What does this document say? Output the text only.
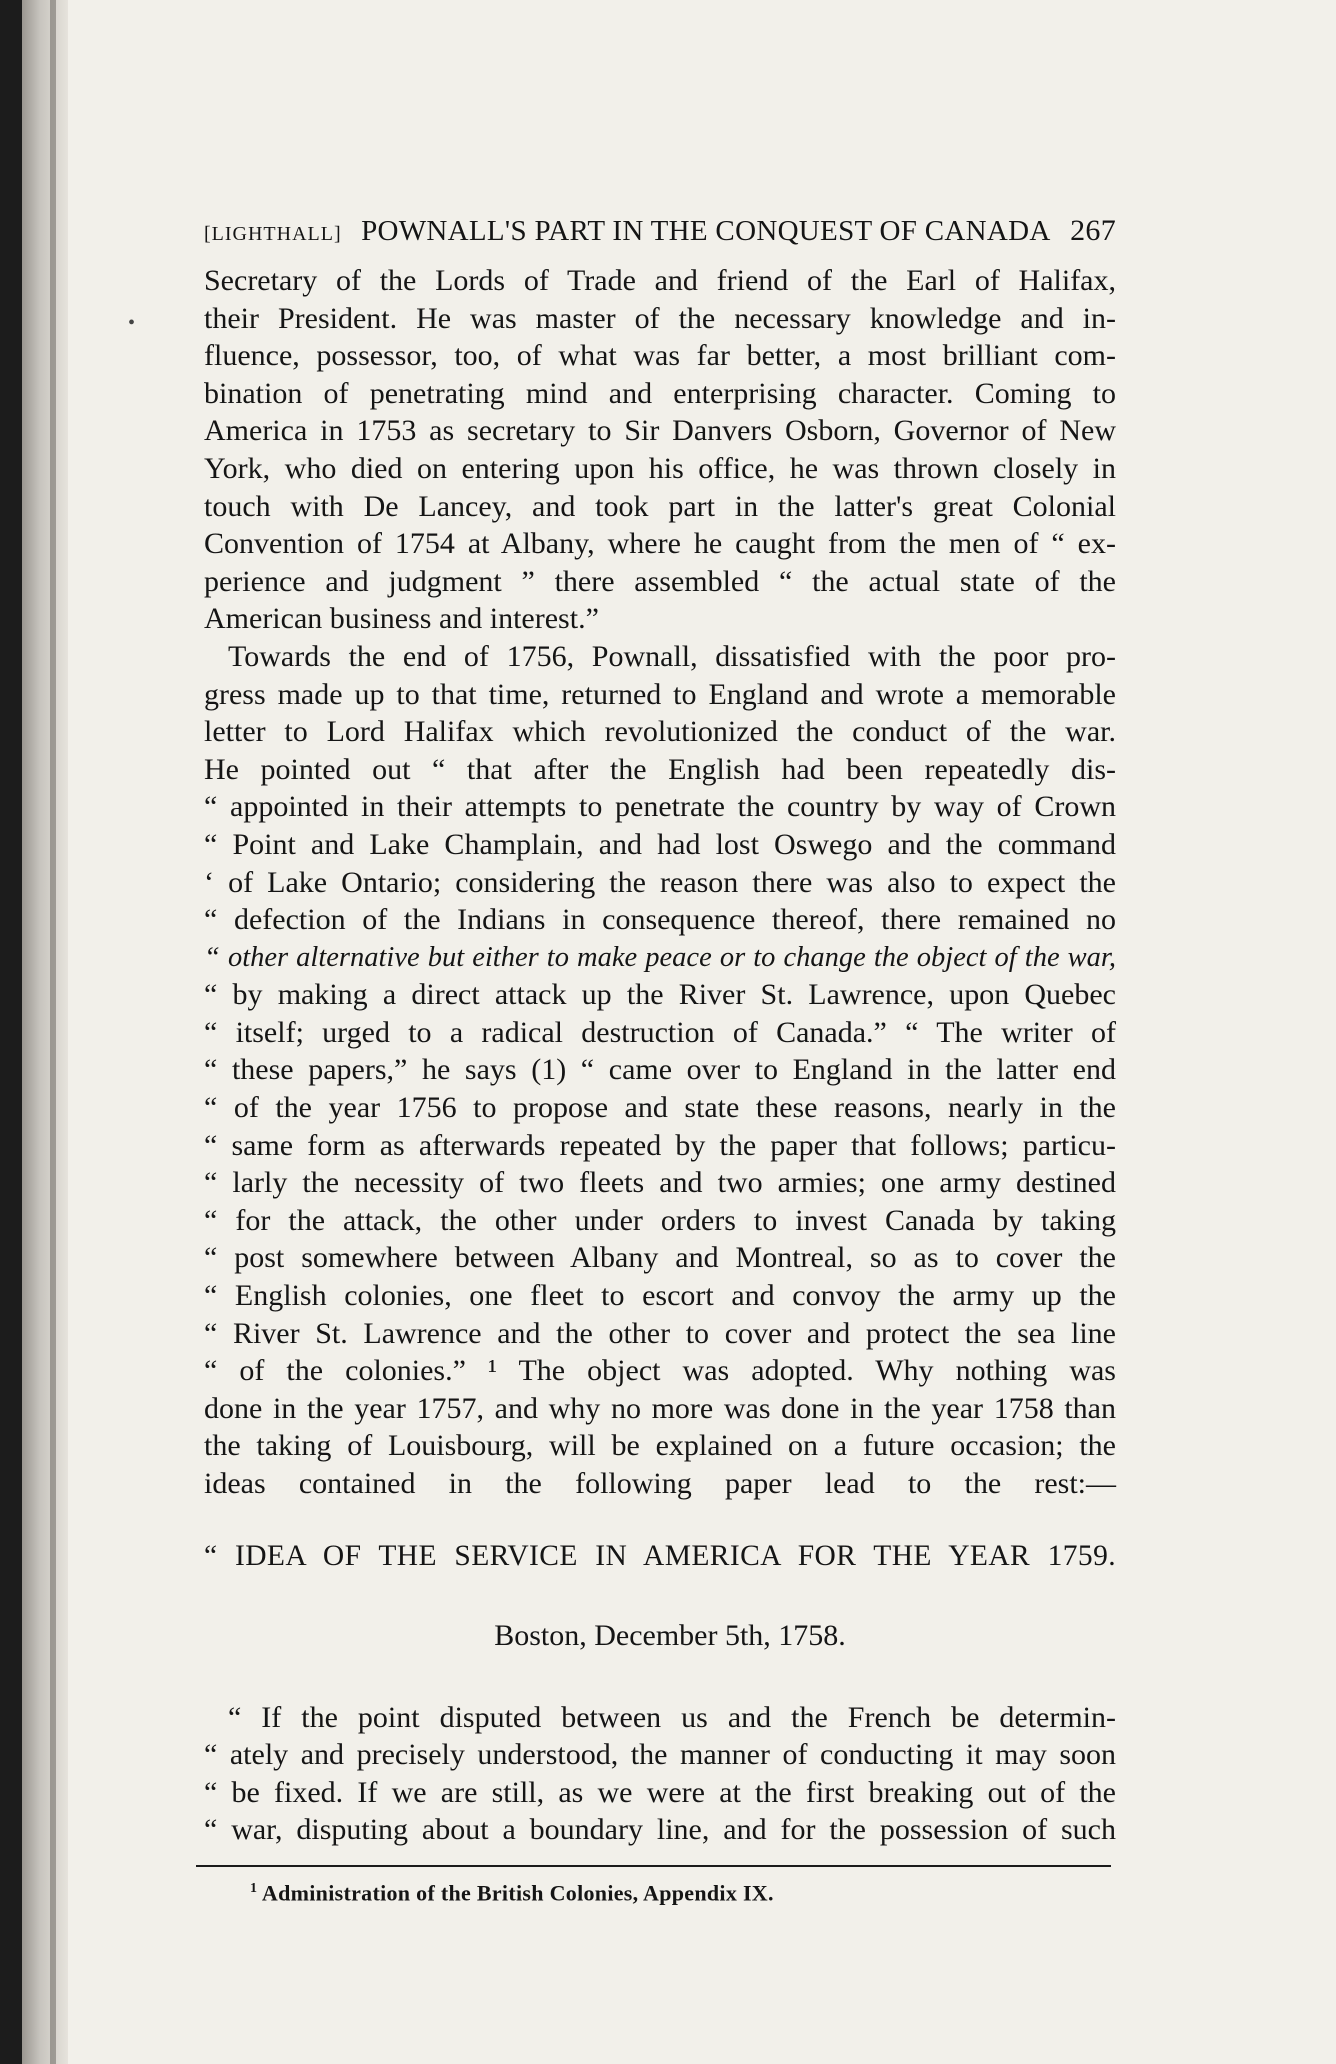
•
[LIGHTHALL] POWNALL'S PART IN THE CONQUEST OF CANADA 267
Secretary of the Lords of Trade and friend of the Earl of Halifax,
their President. He was master of the necessary knowledge and in-
fluence, possessor, too, of what was far better, a most brilliant com-
bination of penetrating mind and enterprising character. Coming to
America in 1753 as secretary to Sir Danvers Osborn, Governor of New
York, who died on entering upon his office, he was thrown closely in
touch with De Lancey, and took part in the latter's great Colonial
Convention of 1754 at Albany, where he caught from the men of “ ex-
perience and judgment ” there assembled “ the actual state of the
American business and interest.”
Towards the end of 1756, Pownall, dissatisfied with the poor pro-
gress made up to that time, returned to England and wrote a memorable
letter to Lord Halifax which revolutionized the conduct of the war.
He pointed out “ that after the English had been repeatedly dis-
“ appointed in their attempts to penetrate the country by way of Crown
“ Point and Lake Champlain, and had lost Oswego and the command
‘ of Lake Ontario; considering the reason there was also to expect the
“ defection of the Indians in consequence thereof, there remained no
“ other alternative but either to make peace or to change the object of the war,
“ by making a direct attack up the River St. Lawrence, upon Quebec
“ itself; urged to a radical destruction of Canada.” “ The writer of
“ these papers,” he says (1) “ came over to England in the latter end
“ of the year 1756 to propose and state these reasons, nearly in the
“ same form as afterwards repeated by the paper that follows; particu-
“ larly the necessity of two fleets and two armies; one army destined
“ for the attack, the other under orders to invest Canada by taking
“ post somewhere between Albany and Montreal, so as to cover the
“ English colonies, one fleet to escort and convoy the army up the
“ River St. Lawrence and the other to cover and protect the sea line
“ of the colonies.” ¹ The object was adopted. Why nothing was
done in the year 1757, and why no more was done in the year 1758 than
the taking of Louisbourg, will be explained on a future occasion; the
ideas contained in the following paper lead to the rest:—
“ IDEA OF THE SERVICE IN AMERICA FOR THE YEAR 1759.
Boston, December 5th, 1758.
“ If the point disputed between us and the French be determin-
“ ately and precisely understood, the manner of conducting it may soon
“ be fixed. If we are still, as we were at the first breaking out of the
“ war, disputing about a boundary line, and for the possession of such
$^1$ Administration of the British Colonies, Appendix IX.
